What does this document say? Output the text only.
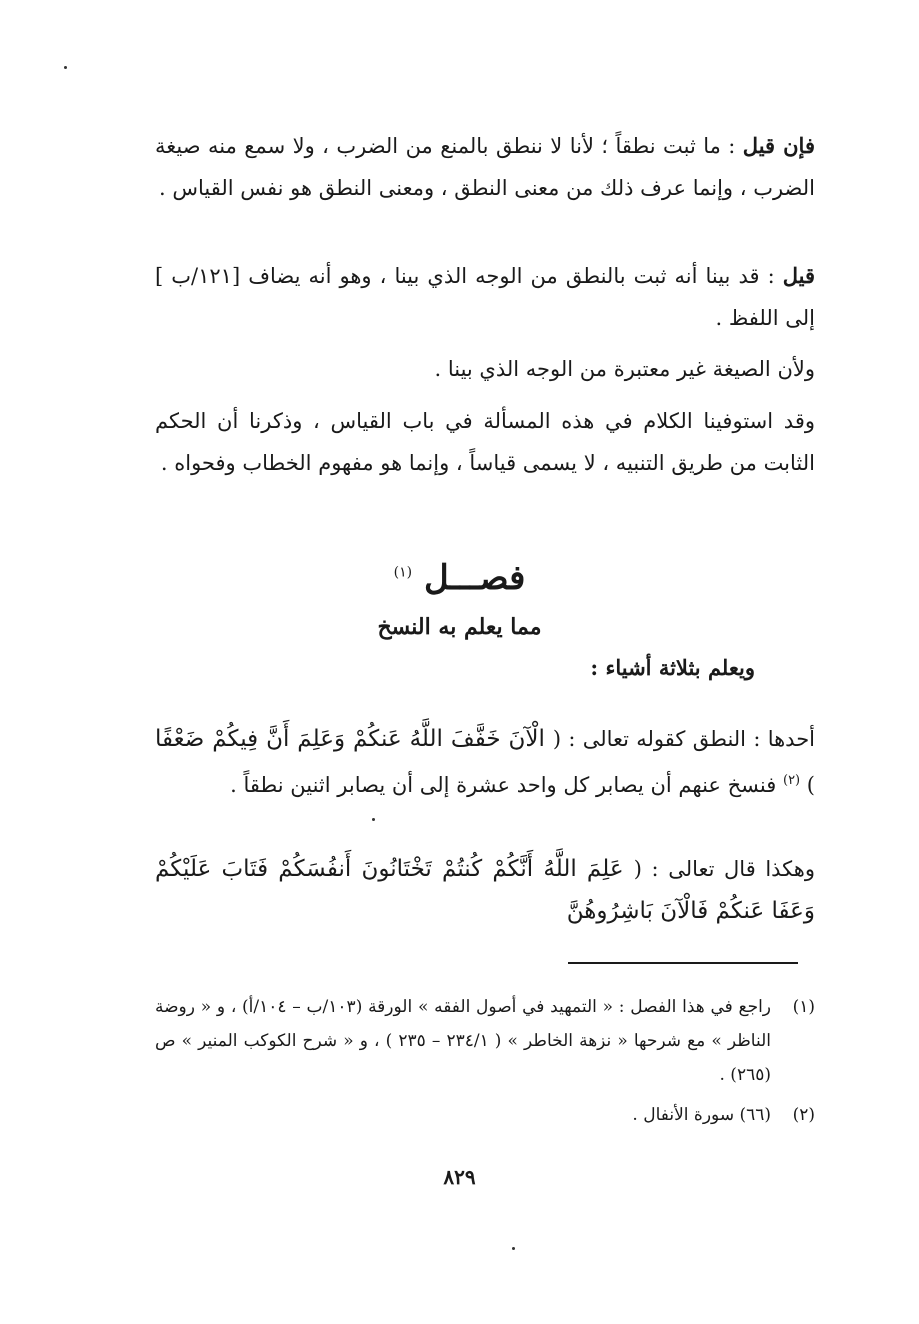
فإن قيل : ما ثبت نطقاً ؛ لأنا لا ننطق بالمنع من الضرب ، ولا سمع منه صيغة الضرب ، وإنما عرف ذلك من معنى النطق ، ومعنى النطق هو نفس القياس .

قيل : قد بينا أنه ثبت بالنطق من الوجه الذي بينا ، وهو أنه يضاف [١٢١/ب ] إلى اللفظ .

ولأن الصيغة غير معتبرة من الوجه الذي بينا .

وقد استوفينا الكلام في هذه المسألة في باب القياس ، وذكرنا أن الحكم الثابت من طريق التنبيه ، لا يسمى قياساً ، وإنما هو مفهوم الخطاب وفحواه .

فصـــل $^{(١)}$
مما يعلم به النسخ

ويعلم بثلاثة أشياء :

أحدها : النطق كقوله تعالى : ( الْآنَ خَفَّفَ اللَّهُ عَنكُمْ وَعَلِمَ أَنَّ فِيكُمْ ضَعْفًا ) $^{(٢)}$ فنسخ عنهم أن يصابر كل واحد عشرة إلى أن يصابر اثنين نطقاً .

وهكذا قال تعالى : ( عَلِمَ اللَّهُ أَنَّكُمْ كُنتُمْ تَخْتَانُونَ أَنفُسَكُمْ فَتَابَ عَلَيْكُمْ وَعَفَا عَنكُمْ فَالْآنَ بَاشِرُوهُنَّ

(١)
راجع في هذا الفصل : « التمهيد في أصول الفقه » الورقة (١٠٣/ب – ١٠٤/أ) ، و « روضة الناظر » مع شرحها « نزهة الخاطر » ( ٢٣٤/١ – ٢٣٥ ) ، و « شرح الكوكب المنير » ص (٢٦٥) .
(٢)
(٦٦) سورة الأنفال .

٨٢٩
